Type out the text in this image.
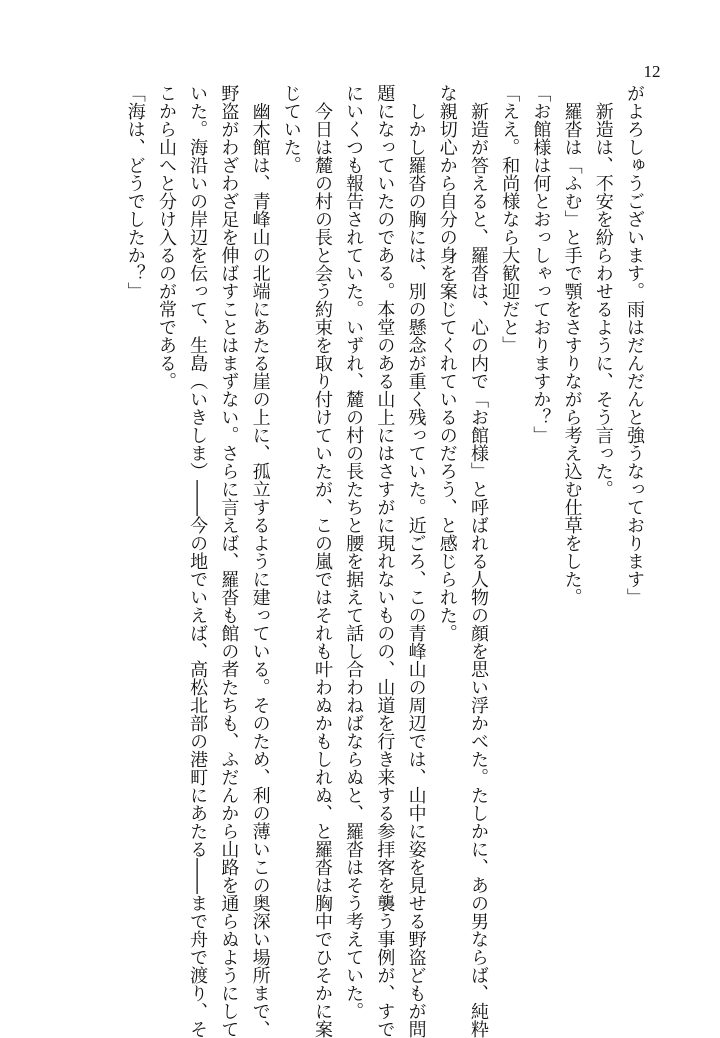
12
がよろしゅうございます。雨はだんだんと強うなっております」
　新造は、不安を紛らわせるように、そう言った。
　羅沓は「ふむ」と手で顎をさすりながら考え込む仕草をした。
「お館様は何とおっしゃっておりますか？」
「ええ。和尚様なら大歓迎だと」
　新造が答えると、羅沓は、心の内で「お館様」と呼ばれる人物の顔を思い浮かべた。たしかに、あの男ならば、純粋
な親切心から自分の身を案じてくれているのだろう、と感じられた。
　しかし羅沓の胸には、別の懸念が重く残っていた。近ごろ、この青峰山の周辺では、山中に姿を見せる野盗どもが問
題になっていたのである。本堂のある山上にはさすがに現れないものの、山道を行き来する参拝客を襲う事例が、すで
にいくつも報告されていた。いずれ、麓の村の長たちと腰を据えて話し合わねばならぬと、羅沓はそう考えていた。
　今日は麓の村の長と会う約束を取り付けていたが、この嵐ではそれも叶わぬかもしれぬ、と羅沓は胸中でひそかに案
じていた。
　幽木館は、青峰山の北端にあたる崖の上に、孤立するように建っている。そのため、利の薄いこの奥深い場所まで、
野盗がわざわざ足を伸ばすことはまずない。さらに言えば、羅沓も館の者たちも、ふだんから山路を通らぬようにして
いた。海沿いの岸辺を伝って、生島（いきしま）――今の地でいえば、高松北部の港町にあたる――まで舟で渡り、そ
こから山へと分け入るのが常である。
「海は、どうでしたか？」
